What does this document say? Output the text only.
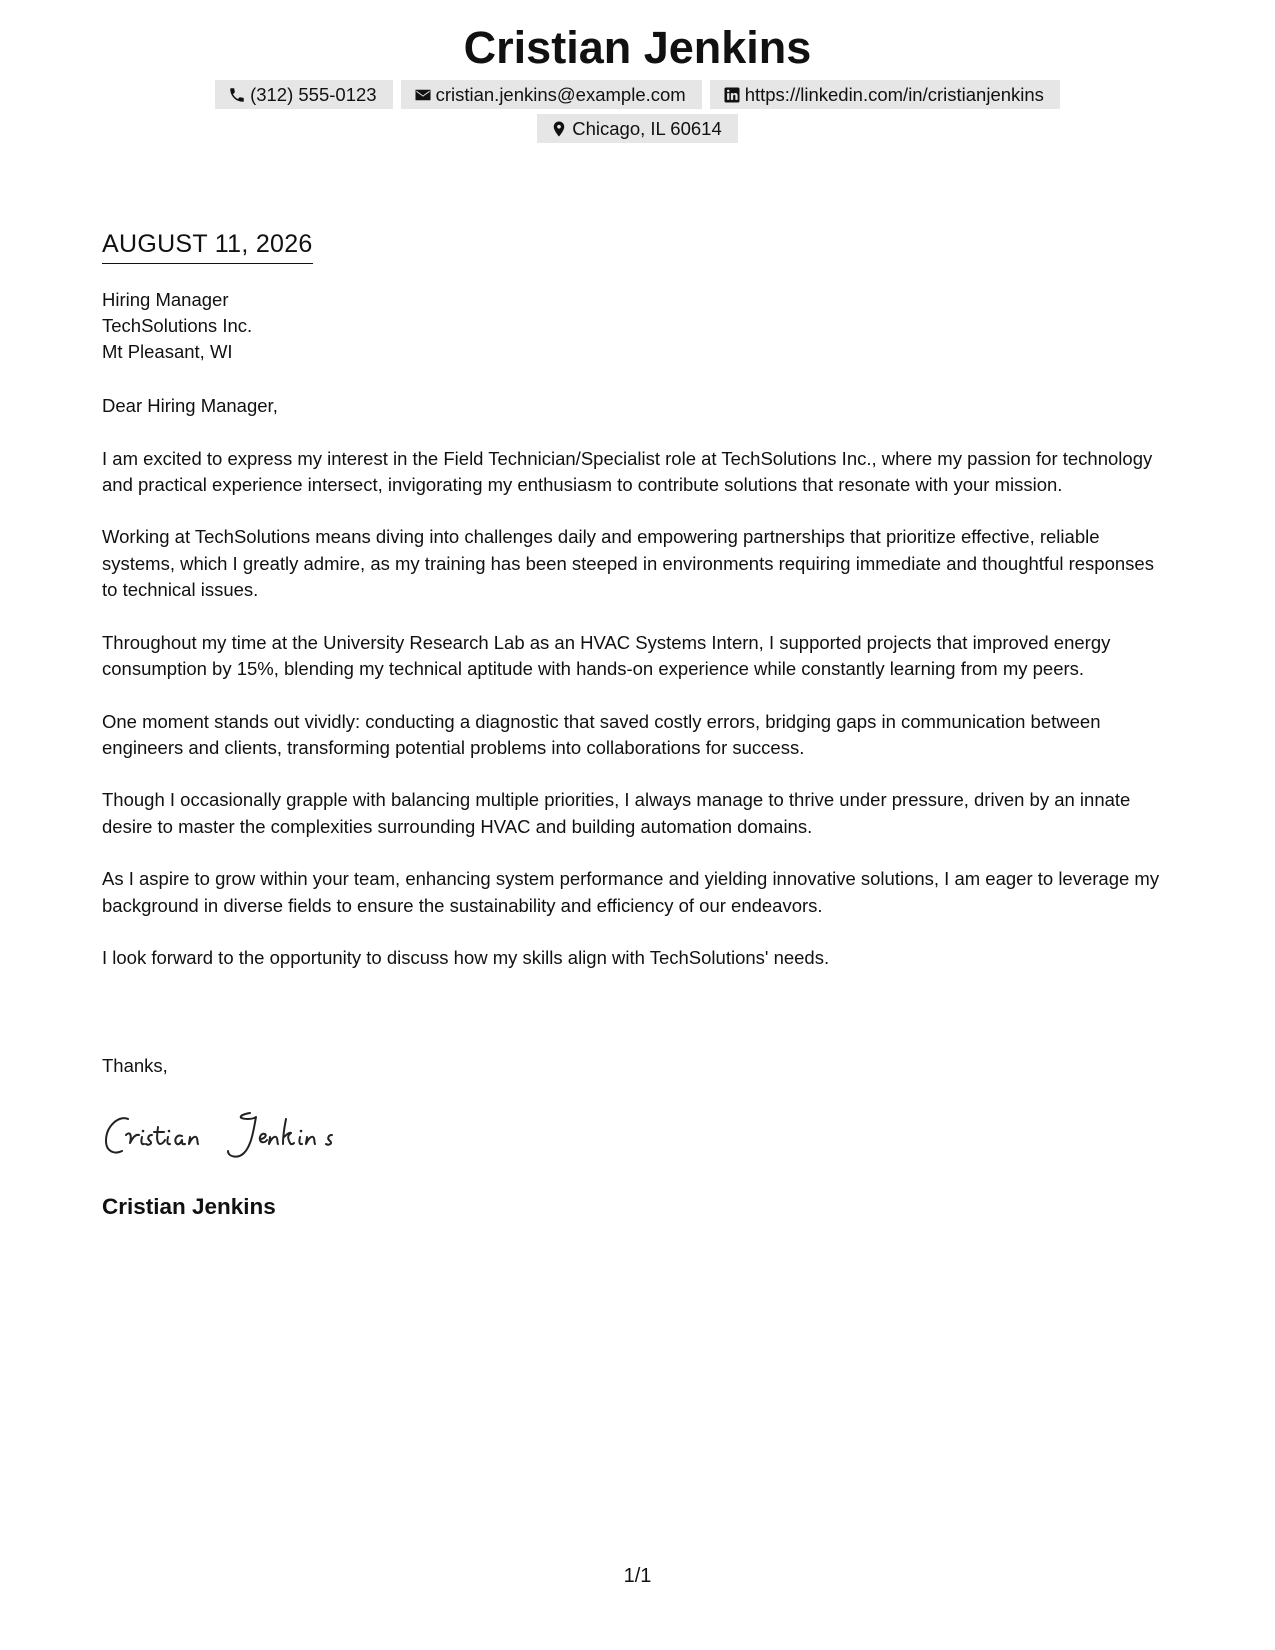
Cristian Jenkins
(312) 555-0123	cristian.jenkins@example.com	https://linkedin.com/in/cristianjenkins
Chicago, IL 60614
AUGUST 11, 2026
Hiring Manager
TechSolutions Inc.
Mt Pleasant, WI

Dear Hiring Manager,

I am excited to express my interest in the Field Technician/Specialist role at TechSolutions Inc., where my passion for technology and practical experience intersect, invigorating my enthusiasm to contribute solutions that resonate with your mission.

Working at TechSolutions means diving into challenges daily and empowering partnerships that prioritize effective, reliable systems, which I greatly admire, as my training has been steeped in environments requiring immediate and thoughtful responses to technical issues.

Throughout my time at the University Research Lab as an HVAC Systems Intern, I supported projects that improved energy consumption by 15%, blending my technical aptitude with hands-on experience while constantly learning from my peers.

One moment stands out vividly: conducting a diagnostic that saved costly errors, bridging gaps in communication between engineers and clients, transforming potential problems into collaborations for success.

Though I occasionally grapple with balancing multiple priorities, I always manage to thrive under pressure, driven by an innate desire to master the complexities surrounding HVAC and building automation domains.

As I aspire to grow within your team, enhancing system performance and yielding innovative solutions, I am eager to leverage my background in diverse fields to ensure the sustainability and efficiency of our endeavors.

I look forward to the opportunity to discuss how my skills align with TechSolutions' needs.

Thanks,
Cristian Jenkins
1/1
